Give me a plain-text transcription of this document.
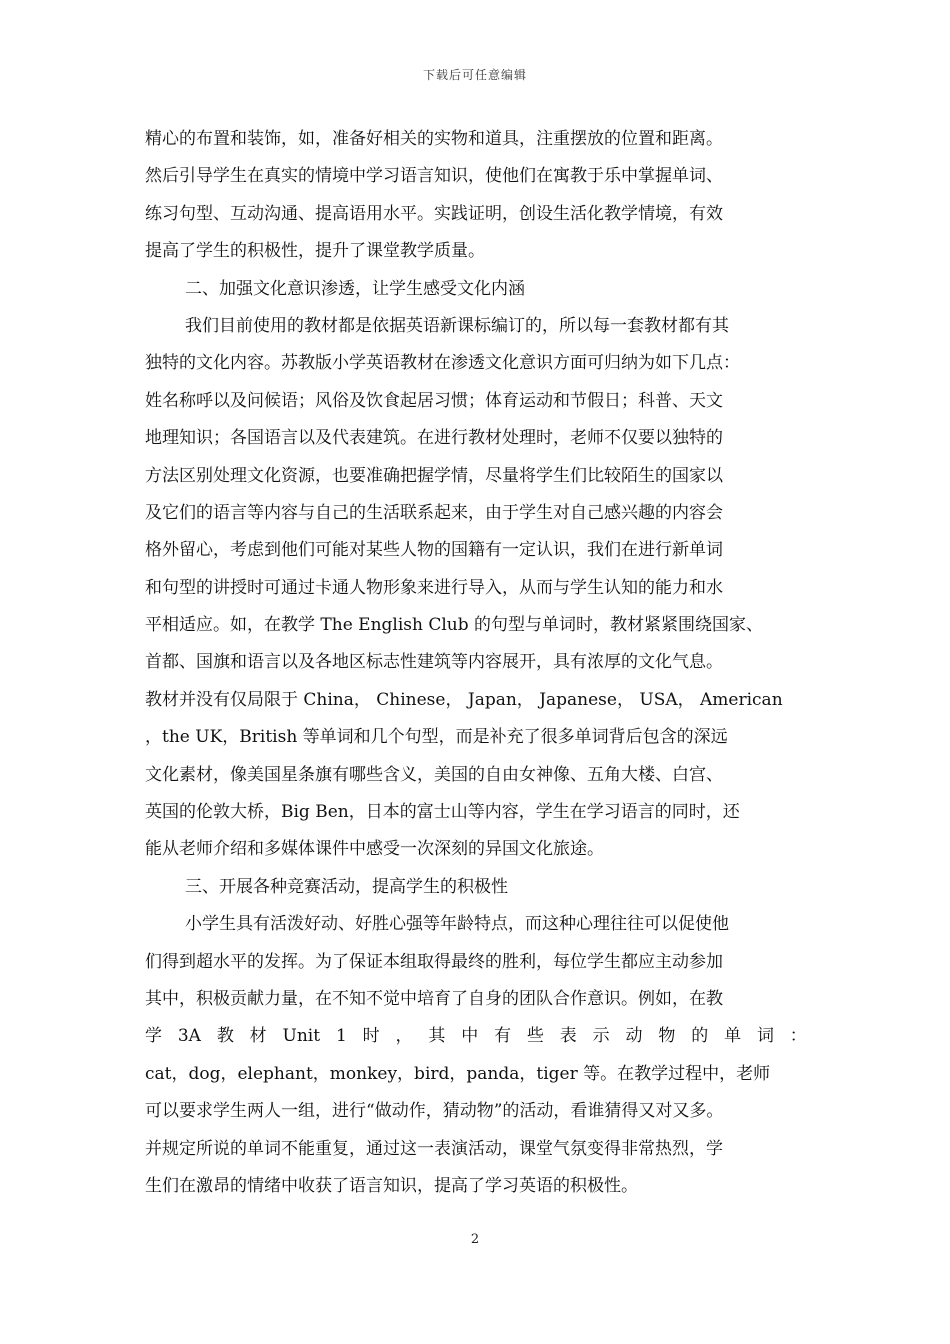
下载后可任意编辑
精心的布置和装饰，如，准备好相关的实物和道具，注重摆放的位置和距离。
然后引导学生在真实的情境中学习语言知识，使他们在寓教于乐中掌握单词、
练习句型、互动沟通、提高语用水平。实践证明，创设生活化教学情境，有效
提高了学生的积极性，提升了课堂教学质量。
二、加强文化意识渗透，让学生感受文化内涵
我们目前使用的教材都是依据英语新课标编订的，所以每一套教材都有其
独特的文化内容。苏教版小学英语教材在渗透文化意识方面可归纳为如下几点：
姓名称呼以及问候语；风俗及饮食起居习惯；体育运动和节假日；科普、天文
地理知识；各国语言以及代表建筑。在进行教材处理时，老师不仅要以独特的
方法区别处理文化资源，也要准确把握学情，尽量将学生们比较陌生的国家以
及它们的语言等内容与自己的生活联系起来，由于学生对自己感兴趣的内容会
格外留心，考虑到他们可能对某些人物的国籍有一定认识，我们在进行新单词
和句型的讲授时可通过卡通人物形象来进行导入，从而与学生认知的能力和水
平相适应。如，在教学 The English Club 的句型与单词时，教材紧紧围绕国家、
首都、国旗和语言以及各地区标志性建筑等内容展开，具有浓厚的文化气息。
教材并没有仅局限于 China， Chinese， Japan， Japanese， USA， American
，the UK，British 等单词和几个句型，而是补充了很多单词背后包含的深远
文化素材，像美国星条旗有哪些含义，美国的自由女神像、五角大楼、白宫、
英国的伦敦大桥，Big Ben，日本的富士山等内容，学生在学习语言的同时，还
能从老师介绍和多媒体课件中感受一次深刻的异国文化旅途。
三、开展各种竞赛活动，提高学生的积极性
小学生具有活泼好动、好胜心强等年龄特点，而这种心理往往可以促使他
们得到超水平的发挥。为了保证本组取得最终的胜利，每位学生都应主动参加
其中，积极贡献力量，在不知不觉中培育了自身的团队合作意识。例如，在教
学 3A 教 材 Unit 1 时 ， 其 中 有 些 表 示 动 物 的 单 词 ：
cat，dog，elephant，monkey，bird，panda，tiger 等。在教学过程中，老师
可以要求学生两人一组，进行“做动作，猜动物”的活动，看谁猜得又对又多。
并规定所说的单词不能重复，通过这一表演活动，课堂气氛变得非常热烈，学
生们在激昂的情绪中收获了语言知识，提高了学习英语的积极性。
2
